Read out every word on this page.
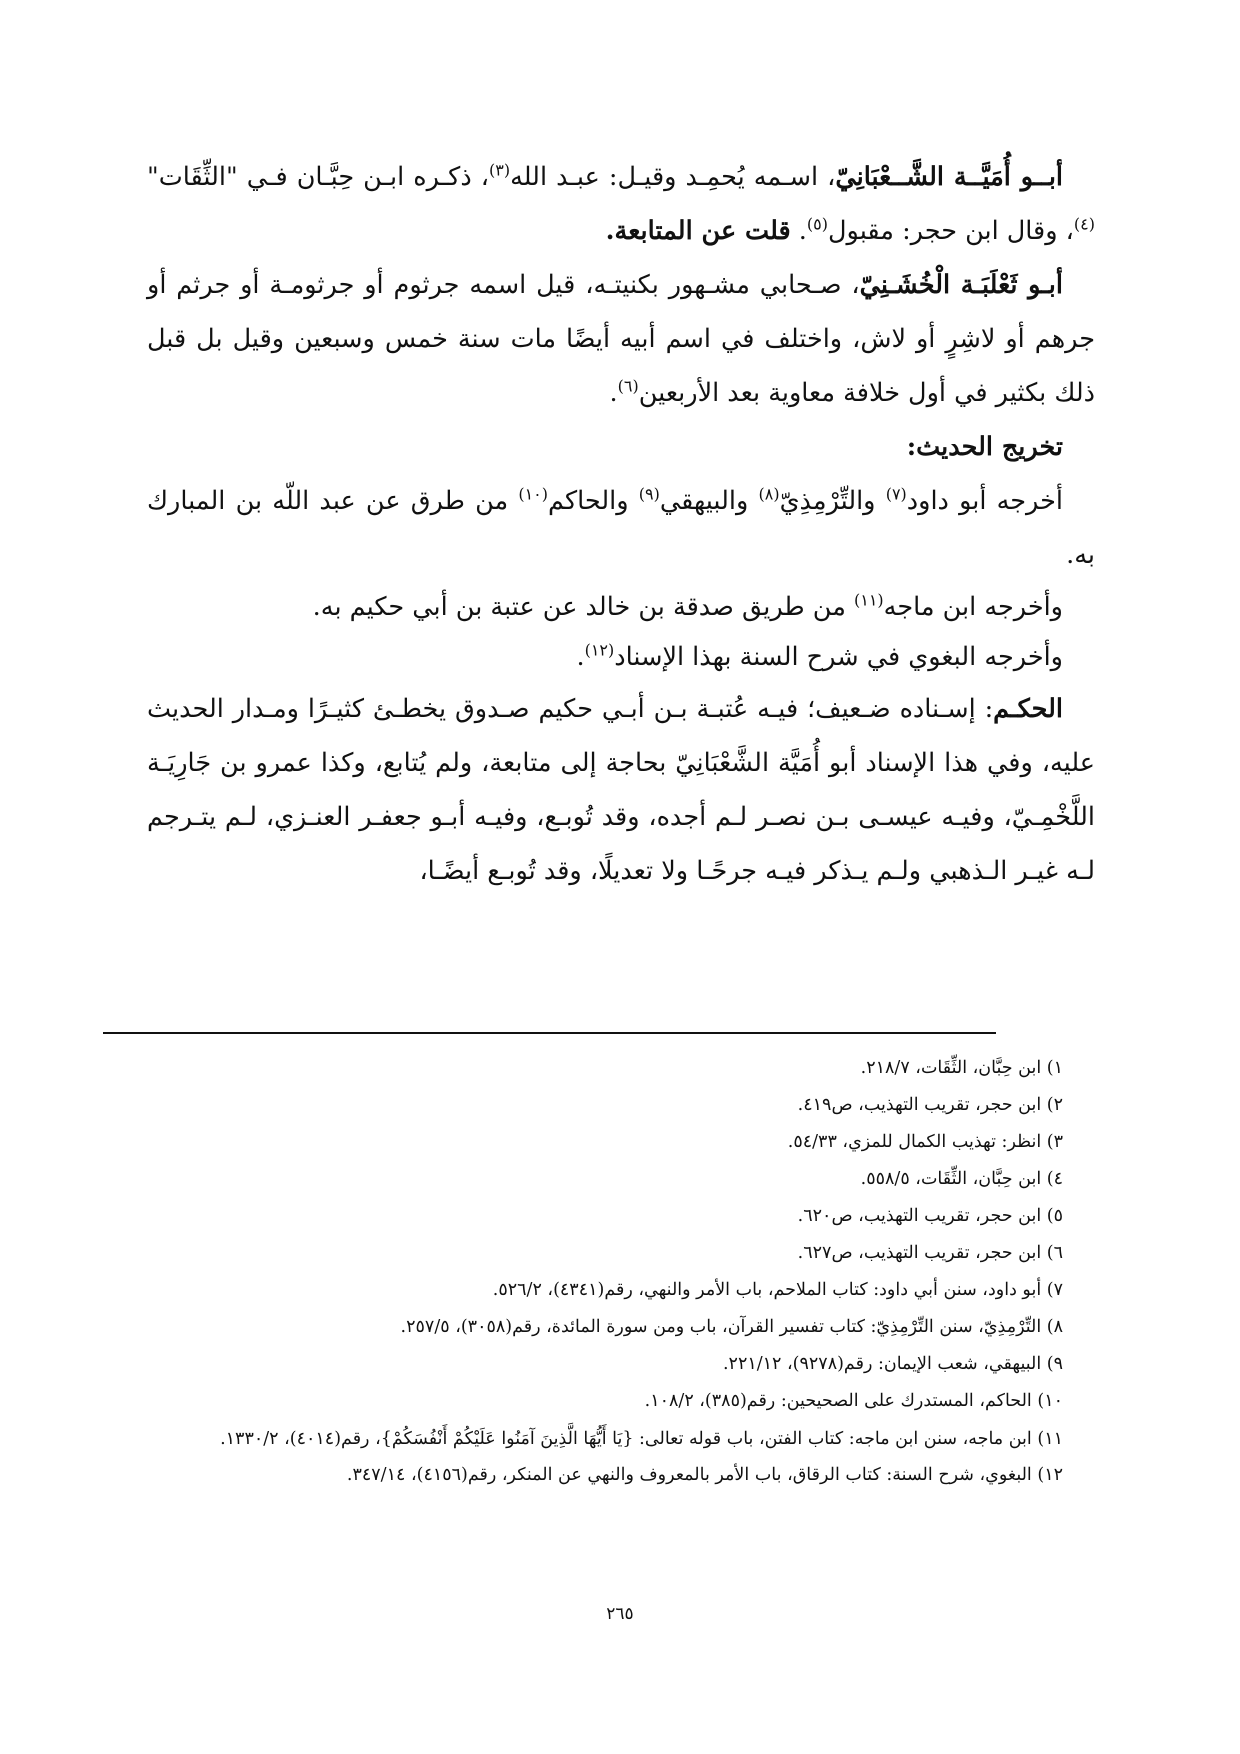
أبــو أُمَيَّــة الشَّــعْبَانِيّ، اسـمه يُحمِـد وقيـل: عبـد الله$^{(٣)}$، ذكـره ابـن حِبَّـان فـي "الثِّقَات"$^{(٤)}$، وقال ابن حجر: مقبول$^{(٥)}$. قلت عن المتابعة.

أبـو ثَعْلَبَـة الْخُشَـنِيّ، صـحابي مشـهور بكنيتـه، قيل اسمه جرثوم أو جرثومـة أو جرثم أو جرهم أو لاشِرٍ أو لاش، واختلف في اسم أبيه أيضًا مات سنة خمس وسبعين وقيل بل قبل ذلك بكثير في أول خلافة معاوية بعد الأربعين$^{(٦)}$.

تخريج الحديث:

أخرجه أبو داود$^{(٧)}$ والتِّرْمِذِيّ$^{(٨)}$ والبيهقي$^{(٩)}$ والحاكم$^{(١٠)}$ من طرق عن عبد اللّه بن المبارك به.

وأخرجه ابن ماجه$^{(١١)}$ من طريق صدقة بن خالد عن عتبة بن أبي حكيم به.

وأخرجه البغوي في شرح السنة بهذا الإسناد$^{(١٢)}$.

الحكـم: إسـناده ضـعيف؛ فيـه عُتبـة بـن أبـي حكيم صـدوق يخطـئ كثيـرًا ومـدار الحديث عليه، وفي هذا الإسناد أبو أُمَيَّة الشَّعْبَانِيّ بحاجة إلى متابعة، ولم يُتابع، وكذا عمرو بن جَارِيَـة اللَّخْمِـيّ، وفيـه عيسـى بـن نصـر لـم أجده، وقد تُوبـع، وفيـه أبـو جعفـر العنـزي، لـم يتـرجم لـه غيـر الـذهبي ولـم يـذكر فيـه جرحًـا ولا تعديلًا، وقد تُوبـع أيضًـا،

١) ابن حِبَّان، الثِّقَات، ٢١٨/٧.

٢) ابن حجر، تقريب التهذيب، ص٤١٩.

٣) انظر: تهذيب الكمال للمزي، ٥٤/٣٣.

٤) ابن حِبَّان، الثِّقَات، ٥٥٨/٥.

٥) ابن حجر، تقريب التهذيب، ص٦٢٠.

٦) ابن حجر، تقريب التهذيب، ص٦٢٧.

٧) أبو داود، سنن أبي داود: كتاب الملاحم، باب الأمر والنهي، رقم(٤٣٤١)، ٥٢٦/٢.

٨) التِّرْمِذِيّ، سنن التِّرْمِذِيّ: كتاب تفسير القرآن، باب ومن سورة المائدة، رقم(٣٠٥٨)، ٢٥٧/٥.

٩) البيهقي، شعب الإيمان: رقم(٩٢٧٨)، ٢٢١/١٢.

١٠) الحاكم، المستدرك على الصحيحين: رقم(٣٨٥)، ١٠٨/٢.

١١) ابن ماجه، سنن ابن ماجه: كتاب الفتن، باب قوله تعالى: {يَا أَيُّهَا الَّذِينَ آمَنُوا عَلَيْكُمْ أَنْفُسَكُمْ}، رقم(٤٠١٤)، ١٣٣٠/٢.

١٢) البغوي، شرح السنة: كتاب الرقاق، باب الأمر بالمعروف والنهي عن المنكر، رقم(٤١٥٦)، ٣٤٧/١٤.

٢٦٥
